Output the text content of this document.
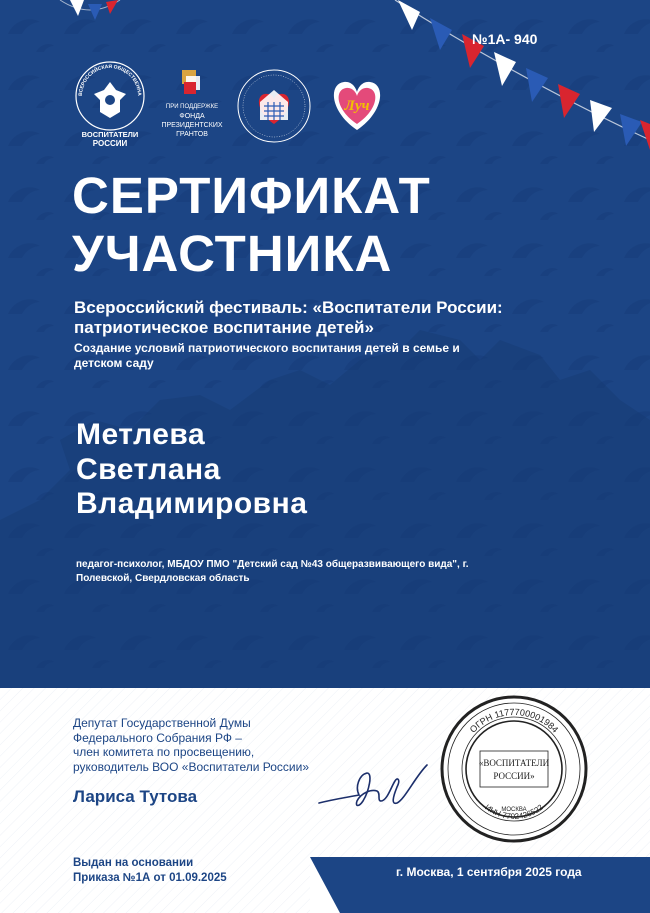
№1А- 940
ВСЕРОССИЙСКАЯ ОБЩЕСТВЕННА
ВОСПИТАТЕЛИ
РОССИИ
ПРИ ПОДДЕРЖКЕ
ФОНДА
ПРЕЗИДЕНТСКИХ
ГРАНТОВ
Луч
СЕРТИФИКАТ
УЧАСТНИКА
Всероссийский фестиваль: «Воспитатели России: патриотическое воспитание детей»
Создание условий патриотического воспитания детей в семье и детском саду
Метлева
Светлана
Владимировна
педагог-психолог, МБДОУ ПМО "Детский сад №43 общеразвивающего вида", г. Полевской, Свердловская область
Депутат Государственной Думы
Федерального Собрания РФ –
член комитета по просвещению,
руководитель ВОО «Воспитатели России»
Лариса Тутова
ОГРН 1177700001984
ИНН 7702426522
«ВОСПИТАТЕЛИ
РОССИИ»
МОСКВА
Выдан на основании
Приказа №1А от 01.09.2025	г. Москва, 1 сентября 2025 года
